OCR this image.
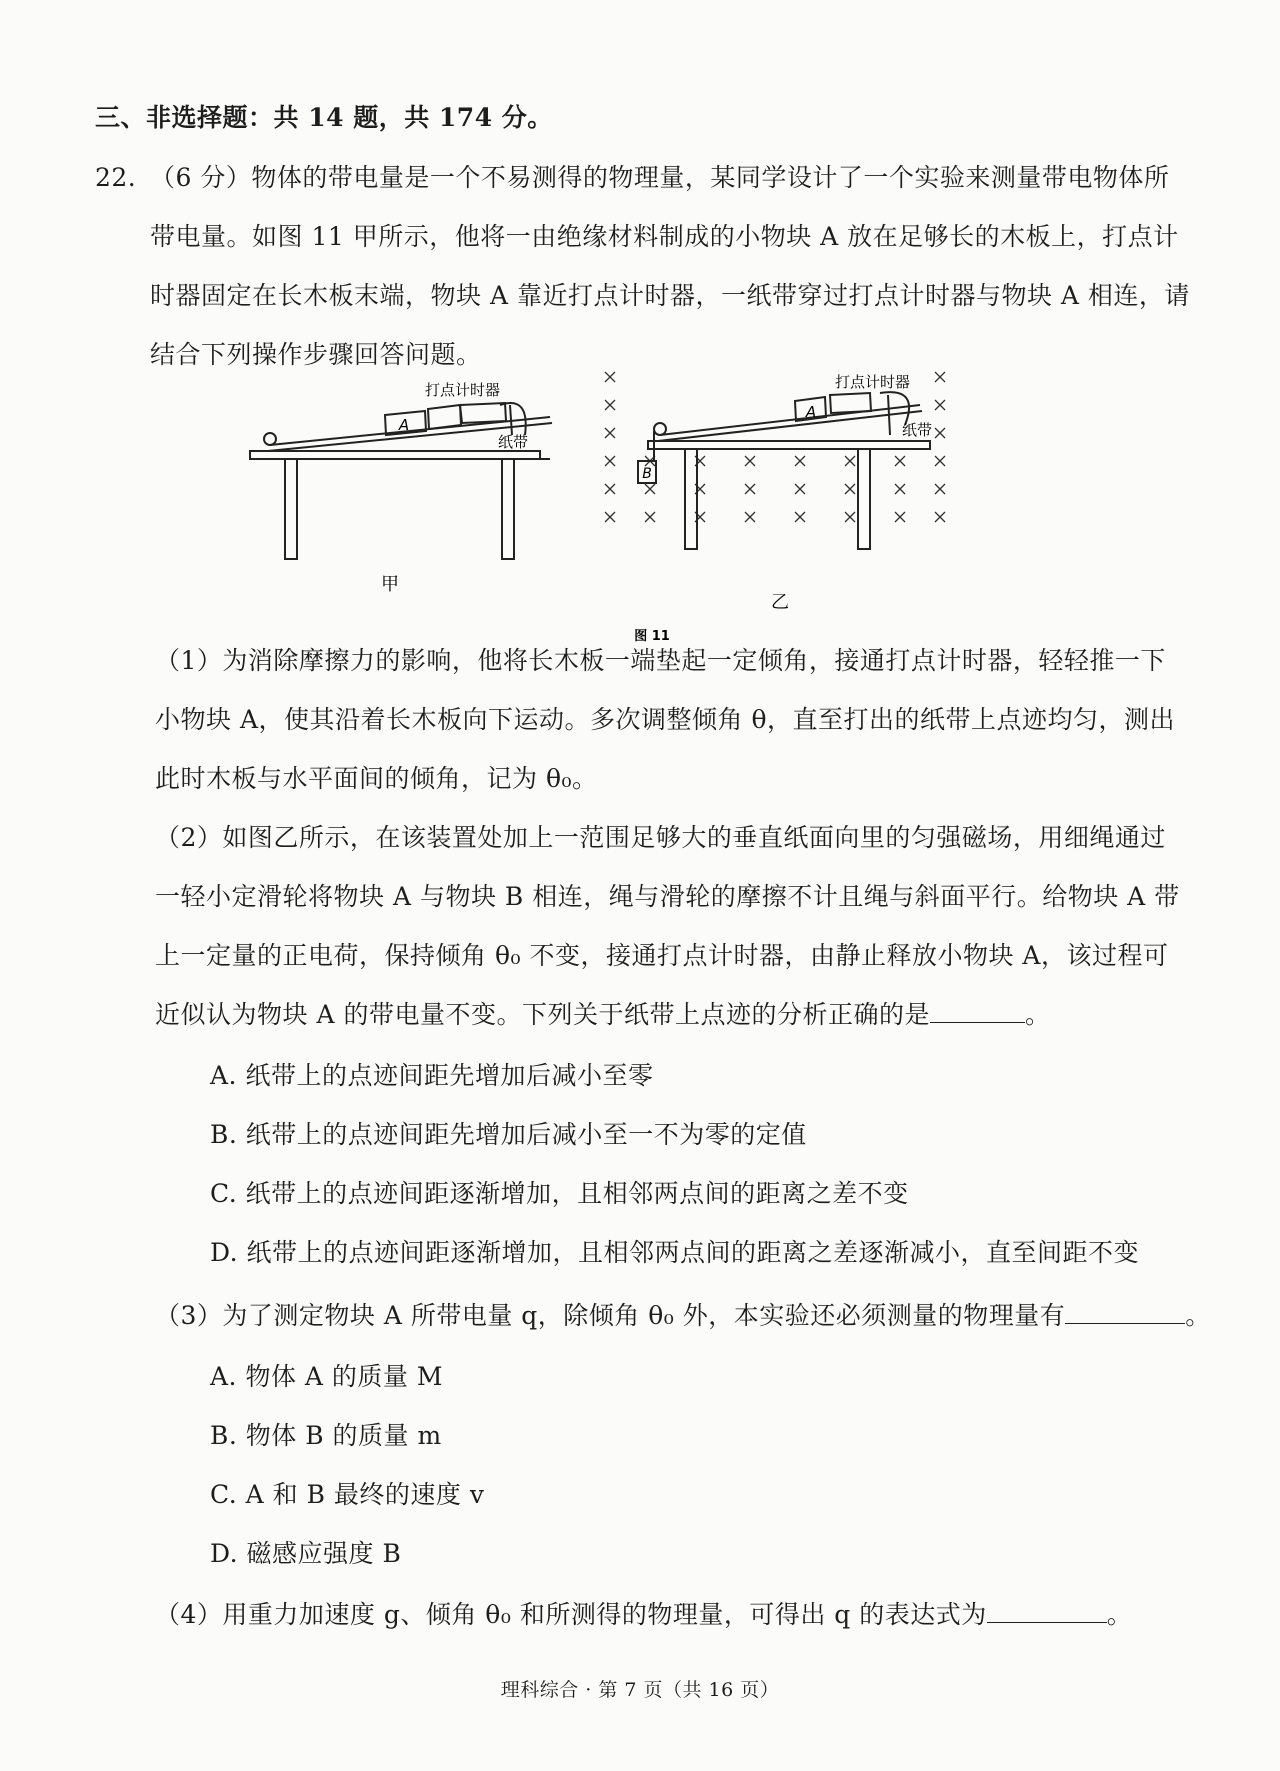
三、非选择题：共 14 题，共 174 分。
22. （6 分）物体的带电量是一个不易测得的物理量，某同学设计了一个实验来测量带电物体所
带电量。如图 11 甲所示，他将一由绝缘材料制成的小物块 A 放在足够长的木板上，打点计
时器固定在长木板末端，物块 A 靠近打点计时器，一纸带穿过打点计时器与物块 A 相连，请
结合下列操作步骤回答问题。
A
打点计时器
纸带
甲
A
B
打点计时器
纸带
乙
图 11
（1）为消除摩擦力的影响，他将长木板一端垫起一定倾角，接通打点计时器，轻轻推一下
小物块 A，使其沿着长木板向下运动。多次调整倾角 θ，直至打出的纸带上点迹均匀，测出
此时木板与水平面间的倾角，记为 θ₀。
（2）如图乙所示，在该装置处加上一范围足够大的垂直纸面向里的匀强磁场，用细绳通过
一轻小定滑轮将物块 A 与物块 B 相连，绳与滑轮的摩擦不计且绳与斜面平行。给物块 A 带
上一定量的正电荷，保持倾角 θ₀ 不变，接通打点计时器，由静止释放小物块 A，该过程可
近似认为物块 A 的带电量不变。下列关于纸带上点迹的分析正确的是	。
A. 纸带上的点迹间距先增加后减小至零
B. 纸带上的点迹间距先增加后减小至一不为零的定值
C. 纸带上的点迹间距逐渐增加，且相邻两点间的距离之差不变
D. 纸带上的点迹间距逐渐增加，且相邻两点间的距离之差逐渐减小，直至间距不变
（3）为了测定物块 A 所带电量 q，除倾角 θ₀ 外，本实验还必须测量的物理量有	。
A. 物体 A 的质量 M
B. 物体 B 的质量 m
C. A 和 B 最终的速度 v
D. 磁感应强度 B
（4）用重力加速度 g、倾角 θ₀ 和所测得的物理量，可得出 q 的表达式为	。
理科综合 · 第 7 页（共 16 页）
